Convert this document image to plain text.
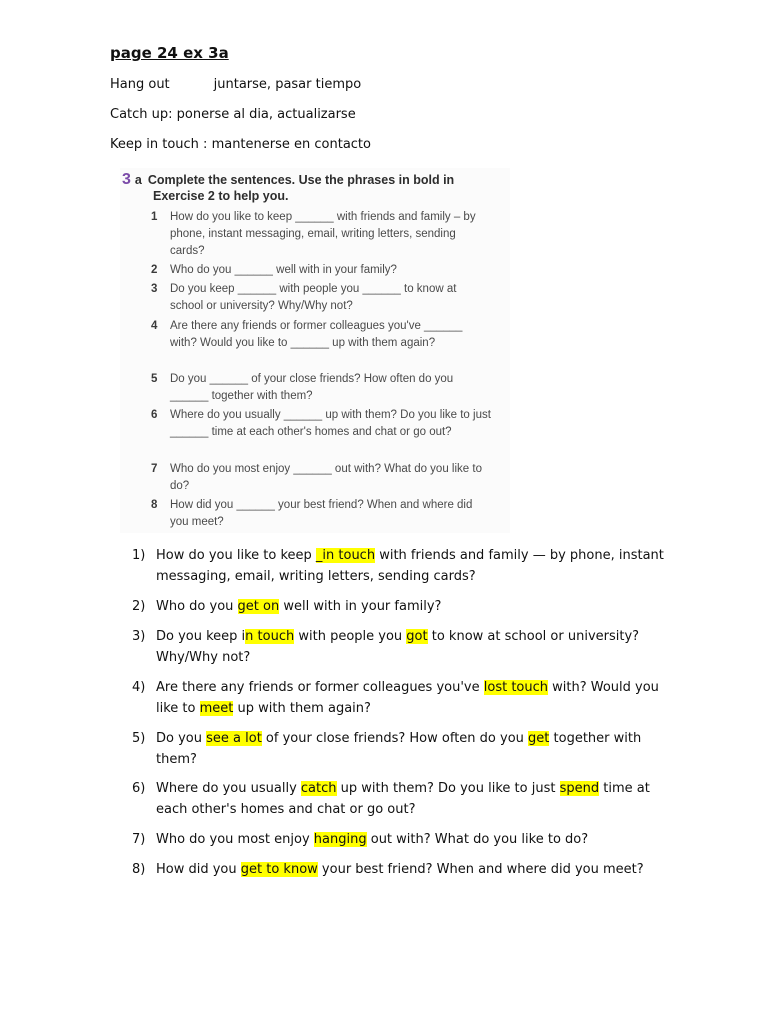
page 24 ex 3a

Hang out	juntarse, pasar tiempo

Catch up: ponerse al dia, actualizarse

Keep in touch : mantenerse en contacto

3 a Complete the sentences. Use the phrases in bold in
Exercise 2 to help you.
1	How do you like to keep ______ with friends and family – by phone, instant messaging, email, writing letters, sending cards?
2	Who do you ______ well with in your family?
3	Do you keep ______ with people you ______ to know at school or university? Why/Why not?
4	Are there any friends or former colleagues you've ______ with? Would you like to ______ up with them again?
5	Do you ______ of your close friends? How often do you ______ together with them?
6	Where do you usually ______ up with them? Do you like to just ______ time at each other's homes and chat or go out?
7	Who do you most enjoy ______ out with? What do you like to do?
8	How did you ______ your best friend? When and where did you meet?
1) How do you like to keep _in touch with friends and family — by phone, instant messaging, email, writing letters, sending cards?
2) Who do you get on well with in your family?
3) Do you keep in touch with people you got to know at school or university? Why/Why not?
4) Are there any friends or former colleagues you've lost touch with? Would you like to meet up with them again?
5) Do you see a lot of your close friends? How often do you get together with them?
6) Where do you usually catch up with them? Do you like to just spend time at each other's homes and chat or go out?
7) Who do you most enjoy hanging out with? What do you like to do?
8) How did you get to know your best friend? When and where did you meet?
